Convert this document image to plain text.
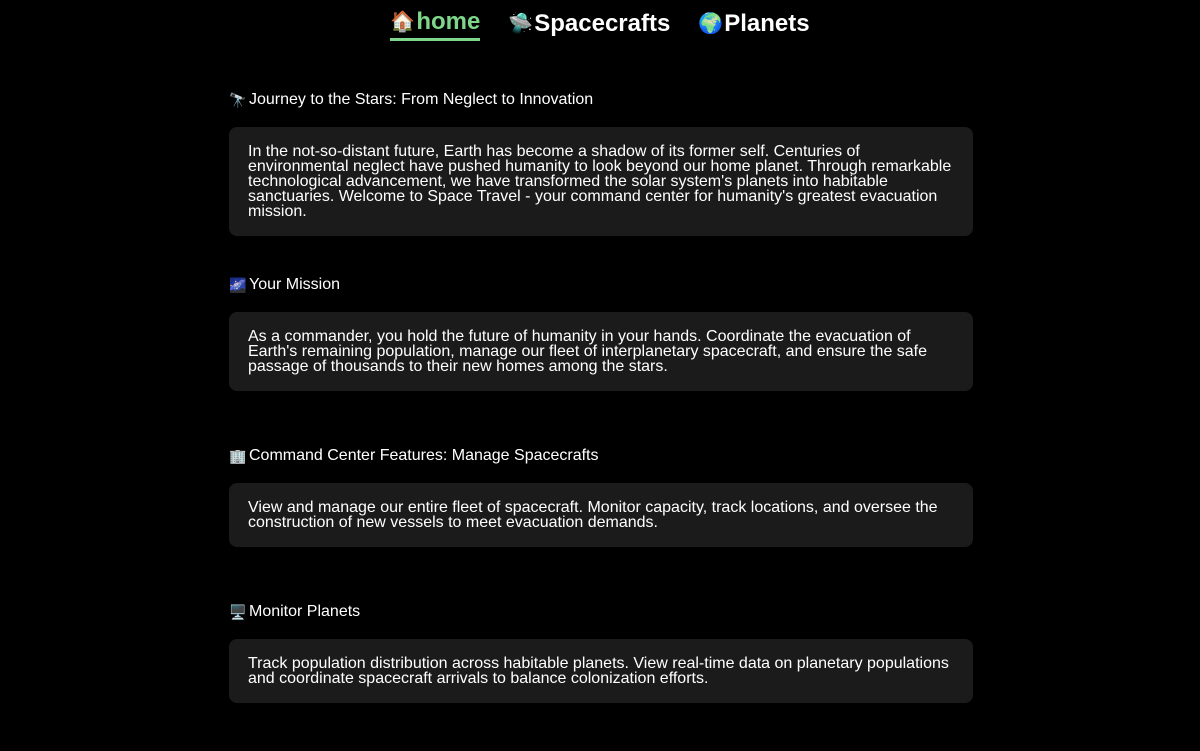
🏠 home 🛸 Spacecrafts 🌍 Planets
🔭 Journey to the Stars: From Neglect to Innovation

In the not-so-distant future, Earth has become a shadow of its former self. Centuries of environmental neglect have pushed humanity to look beyond our home planet. Through remarkable technological advancement, we have transformed the solar system's planets into habitable sanctuaries. Welcome to Space Travel - your command center for humanity's greatest evacuation mission.

🌌 Your Mission

As a commander, you hold the future of humanity in your hands. Coordinate the evacuation of Earth's remaining population, manage our fleet of interplanetary spacecraft, and ensure the safe passage of thousands to their new homes among the stars.

🏢 Command Center Features: Manage Spacecrafts

View and manage our entire fleet of spacecraft. Monitor capacity, track locations, and oversee the construction of new vessels to meet evacuation demands.

🖥️ Monitor Planets

Track population distribution across habitable planets. View real-time data on planetary populations and coordinate spacecraft arrivals to balance colonization efforts.
